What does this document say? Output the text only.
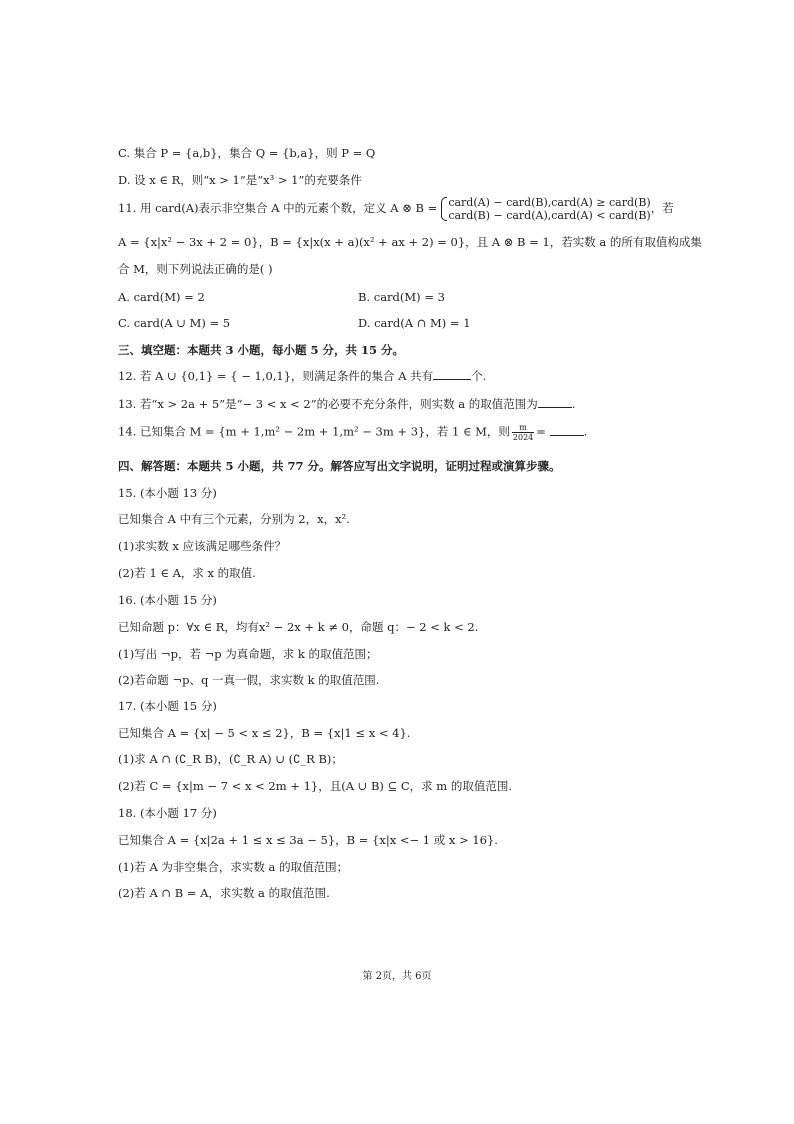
C. 集合 P = {a,b}，集合 Q = {b,a}，则 P = Q
D. 设 x ∈ R，则“x > 1”是“x³ > 1”的充要条件
11. 用 card(A)表示非空集合 A 中的元素个数，定义 A ⊗ B = card(A) − card(B),card(A) ≥ card(B)
card(B) − card(A),card(A) < card(B)
，若
A = {x|x² − 3x + 2 = 0}，B = {x|x(x + a)(x² + ax + 2) = 0}，且 A ⊗ B = 1，若实数 a 的所有取值构成集
合 M，则下列说法正确的是( )
A. card(M) = 2	B. card(M) = 3
C. card(A ∪ M) = 5	D. card(A ∩ M) = 1
三、填空题：本题共 3 小题，每小题 5 分，共 15 分。
12. 若 A ∪ {0,1} = { − 1,0,1}，则满足条件的集合 A 共有	个.
13. 若“x > 2a + 5”是“− 3 < x < 2”的必要不充分条件，则实数 a 的取值范围为	.
14. 已知集合 M = {m + 1,m² − 2m + 1,m² − 3m + 3}，若 1 ∈ M，则 $\frac{m}{2024}$ =	.
四、解答题：本题共 5 小题，共 77 分。解答应写出文字说明，证明过程或演算步骤。
15. (本小题 13 分)
已知集合 A 中有三个元素，分别为 2，x，x².
(1)求实数 x 应该满足哪些条件？
(2)若 1 ∈ A，求 x 的取值.
16. (本小题 15 分)
已知命题 p：∀x ∈ R，均有x² − 2x + k ≠ 0，命题 q：− 2 < k < 2.
(1)写出 ¬p，若 ¬p 为真命题，求 k 的取值范围；
(2)若命题 ¬p、q 一真一假，求实数 k 的取值范围.
17. (本小题 15 分)
已知集合 A = {x| − 5 < x ≤ 2}，B = {x|1 ≤ x < 4}.
(1)求 A ∩ (∁_R B)，(∁_R A) ∪ (∁_R B)；
(2)若 C = {x|m − 7 < x < 2m + 1}，且(A ∪ B) ⊆ C，求 m 的取值范围.
18. (本小题 17 分)
已知集合 A = {x|2a + 1 ≤ x ≤ 3a − 5}，B = {x|x <− 1 或 x > 16}.
(1)若 A 为非空集合，求实数 a 的取值范围；
(2)若 A ∩ B = A，求实数 a 的取值范围.
第 2页，共 6页
